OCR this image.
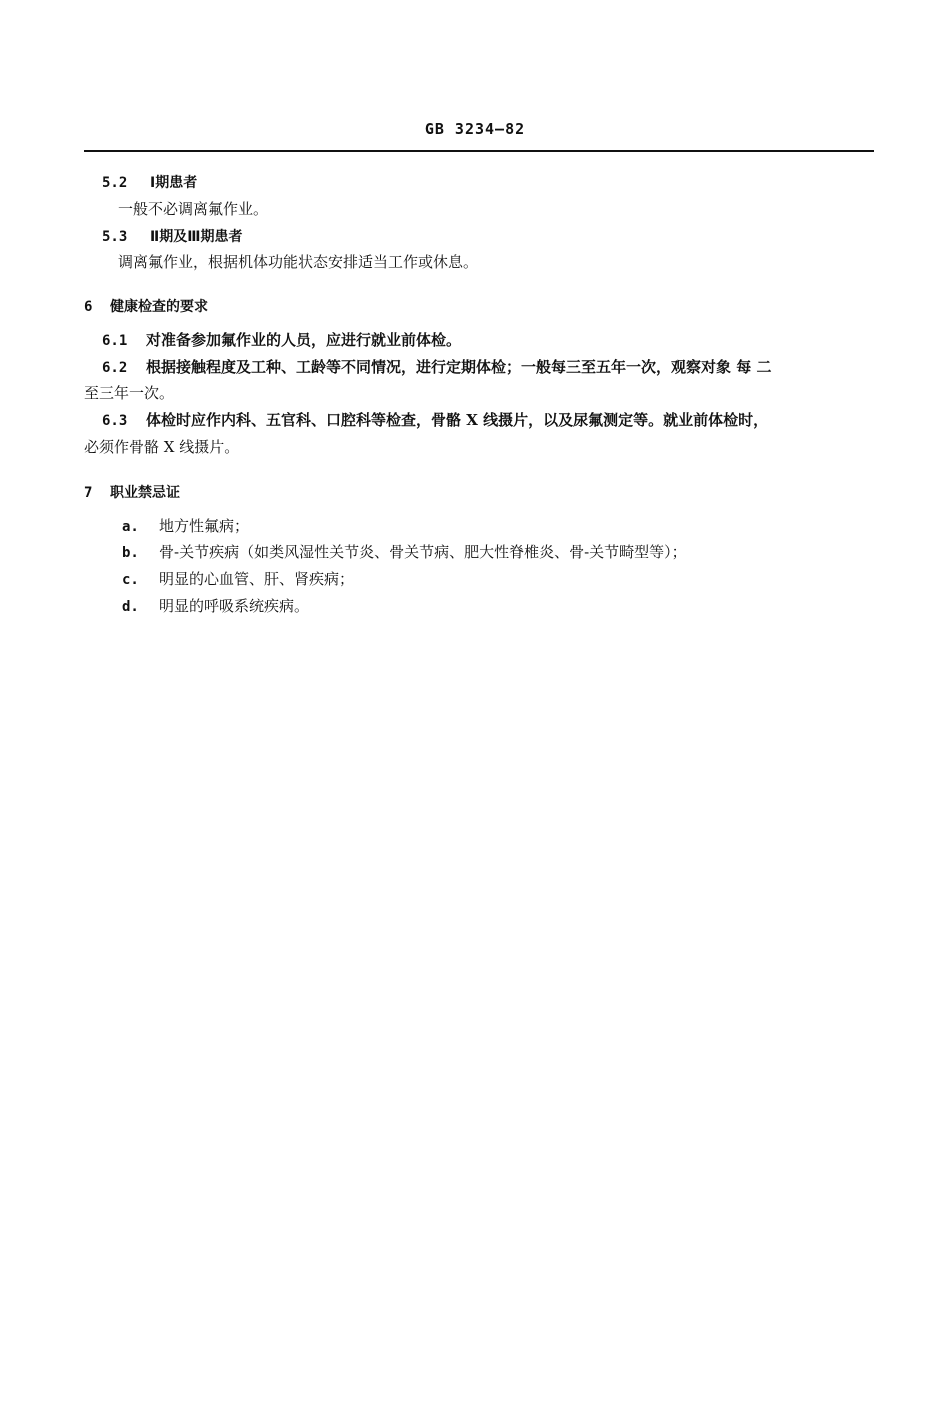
GB 3234—82
5.2 Ⅰ期患者
一般不必调离氟作业。
5.3 Ⅱ期及Ⅲ期患者
调离氟作业，根据机体功能状态安排适当工作或休息。
6 健康检查的要求
6.1 对准备参加氟作业的人员，应进行就业前体检。
6.2 根据接触程度及工种、工龄等不同情况，进行定期体检；一般每三至五年一次，观察对象 每 二
至三年一次。
6.3 体检时应作内科、五官科、口腔科等检查，骨骼 X 线摄片，以及尿氟测定等。就业前体检时，
必须作骨骼 X 线摄片。
7 职业禁忌证
a. 地方性氟病；
b. 骨-关节疾病（如类风湿性关节炎、骨关节病、肥大性脊椎炎、骨-关节畸型等）；
c. 明显的心血管、肝、肾疾病；
d. 明显的呼吸系统疾病。
